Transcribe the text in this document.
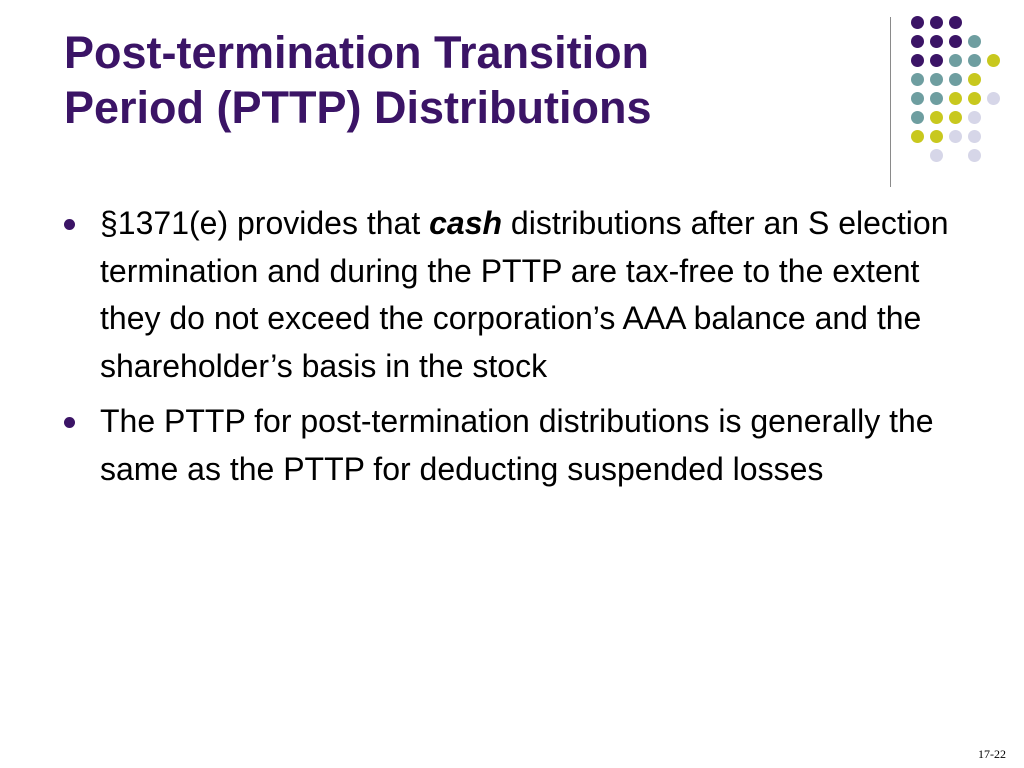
Post-termination Transition
Period (PTTP) Distributions
§1371(e) provides that cash distributions after an S election termination and during the PTTP are tax-free to the extent they do not exceed the corporation’s AAA balance and the shareholder’s basis in the stock
The PTTP for post-termination distributions is generally the same as the PTTP for deducting suspended losses
17-22
